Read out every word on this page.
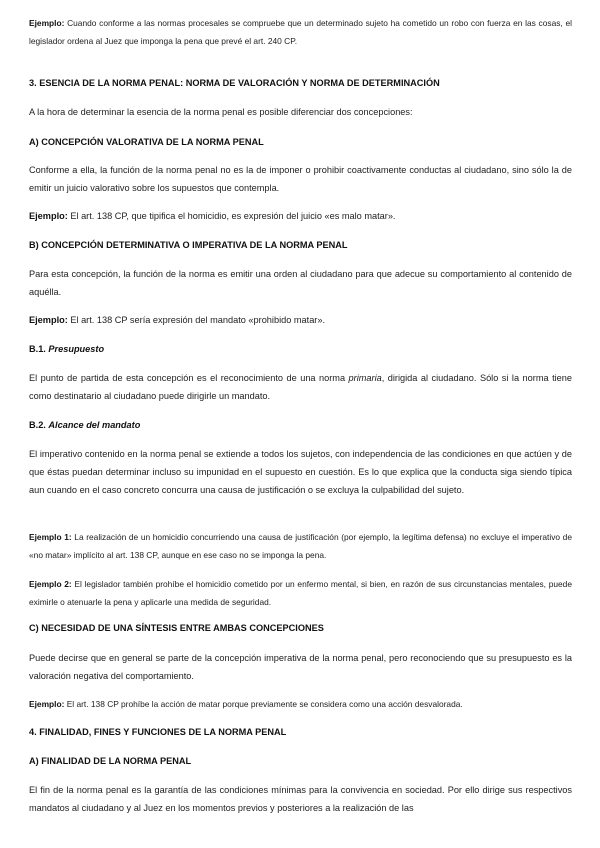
Ejemplo: Cuando conforme a las normas procesales se compruebe que un determinado sujeto ha cometido un robo con fuerza en las cosas, el legislador ordena al Juez que imponga la pena que prevé el art. 240 CP.

3. ESENCIA DE LA NORMA PENAL: NORMA DE VALORACIÓN Y NORMA DE DETERMINACIÓN

A la hora de determinar la esencia de la norma penal es posible diferenciar dos concepciones:

A) CONCEPCIÓN VALORATIVA DE LA NORMA PENAL

Conforme a ella, la función de la norma penal no es la de imponer o prohibir coactivamente conductas al ciudadano, sino sólo la de emitir un juicio valorativo sobre los supuestos que contempla.

Ejemplo: El art. 138 CP, que tipifica el homicidio, es expresión del juicio «es malo matar».

B) CONCEPCIÓN DETERMINATIVA O IMPERATIVA DE LA NORMA PENAL

Para esta concepción, la función de la norma es emitir una orden al ciudadano para que adecue su comportamiento al contenido de aquélla.

Ejemplo: El art. 138 CP sería expresión del mandato «prohibido matar».

B.1. Presupuesto

El punto de partida de esta concepción es el reconocimiento de una norma primaria, dirigida al ciudadano. Sólo si la norma tiene como destinatario al ciudadano puede dirigirle un mandato.

B.2. Alcance del mandato

El imperativo contenido en la norma penal se extiende a todos los sujetos, con independencia de las condiciones en que actúen y de que éstas puedan determinar incluso su impunidad en el supuesto en cuestión. Es lo que explica que la conducta siga siendo típica aun cuando en el caso concreto concurra una causa de justificación o se excluya la culpabilidad del sujeto.

Ejemplo 1: La realización de un homicidio concurriendo una causa de justificación (por ejemplo, la legítima defensa) no excluye el imperativo de «no matar» implícito al art. 138 CP, aunque en ese caso no se imponga la pena.

Ejemplo 2: El legislador también prohíbe el homicidio cometido por un enfermo mental, si bien, en razón de sus circunstancias mentales, puede eximirle o atenuarle la pena y aplicarle una medida de seguridad.

C) NECESIDAD DE UNA SÍNTESIS ENTRE AMBAS CONCEPCIONES

Puede decirse que en general se parte de la concepción imperativa de la norma penal, pero reconociendo que su presupuesto es la valoración negativa del comportamiento.

Ejemplo: El art. 138 CP prohíbe la acción de matar porque previamente se considera como una acción desvalorada.

4. FINALIDAD, FINES Y FUNCIONES DE LA NORMA PENAL

A) FINALIDAD DE LA NORMA PENAL

El fin de la norma penal es la garantía de las condiciones mínimas para la convivencia en sociedad. Por ello dirige sus respectivos mandatos al ciudadano y al Juez en los momentos previos y posteriores a la realización de las
